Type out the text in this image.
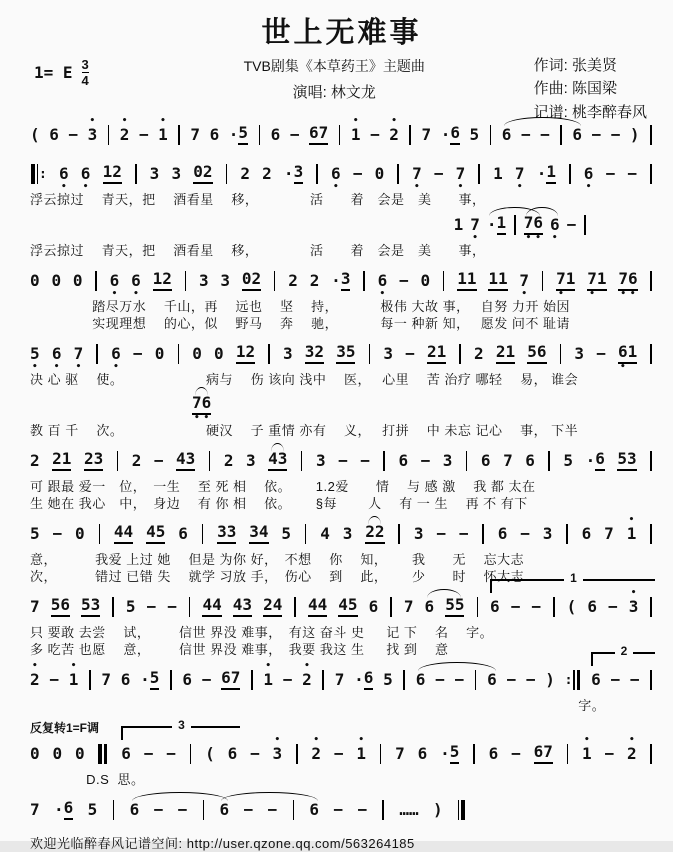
世上无难事
1= E $\frac{3}{4}$	TVB剧集《本草药王》主题曲
演唱: 林文龙
作词: 张美贤
作曲: 陈国梁
记谱: 桃李醉春风
( 6 −
•
3
•
2 −
•
1 7 6 · 5 6 − 67
•
1 −
•
2 7 · 6 5 6 − − 6 − − )
: 6
•
6
•
12 3 3 02 2 2 · 3 6
•
− 0 7
•
− 7
•
1 7
•
· 1 6
•
− −
浮云掠过　 青天，把　 酒看星　 移，　　　　 活　　着　会是　美　　事，
1 7
•
· 1 76
• •
6
•
−
浮云掠过　 青天，把　 酒看星　 移，　　　　 活　　着　会是　美　　事，
0 0 0 6
•
6
•
12 3 3 02 2 2 · 3 6
•
− 0 11 11 7
•
71
•
71
•
76
• •
　　　　  踏尽万水　 千山，再　 远也　 坚　 持，　　　  极伟 大故 事，　 自努 力开 始因
　　　　  实现理想　 的心，似　 野马　 奔　 驰，　　　  每一 种新 知，　 愿发 问不 耻请
5
•
6
•
7
•
6
•
− 0 0 0 12 3 32 35 3 − 21 2 21 56 3 − 61
•
决 心 驱　 使。　　　　　　  病与　 伤 该向 浅中　 医，　 心里　 苦 治疗 哪轻　 易， 谁会
76
• •
教 百 千　 次。　　　　　　  硬汉　 子 重情 亦有　 义，　 打拼　 中 未忘 记心　 事， 下半
2 21 23 2 − 43 2 3 43 3 − − 6 − 3 6 7 6 5 · 6 53
可 跟最 爱一　位，　一生　 至 死 相　 依。　　 1.2爱　　情　 与 感 激　 我 都 太在
生 她在 我心　中，　身边　 有 你 相　 依。　　 §每　　 人　 有 一 生　 再 不 有下
5 − 0 44 45 6 33 34 5 4 3 22 3 − − 6 − 3 6 7
•
1
意，　　　 我爱 上过 她　 但是 为你 好，　不想　 你　 知，　　 我　　无　 忘大志
次，　　　 错过 已错 失　 就学 习放 手，　伤心　 到　 此，　　 少　　时　 怀大志
7 56 53 5 − − 44 43 24 44 45 6 7 6 55 6 − − ( 6 −
•
3
1
只 要敢 去尝　 试，　　  信世 界没 难事，　有这 奋斗 史　  记 下　 名　 字。
多 吃苦 也愿　 意，　　  信世 界没 难事，　我要 我这 生　  找 到　 意
•
2 −
•
1 7 6 · 5 6 − 67
•
1 −
•
2 7 · 6 5 6 − − 6 − − ) : 6 − −
2
字。
反复转1=F调
0 0 0 6 − − ( 6 −
•
3
•
2 −
•
1 7 6 · 5 6 − 67
•
1 −
•
2
3
D.S  思。
7 · 6 5 6 − − 6 − − 6 − − …… )
欢迎光临醉春风记谱空间: http://user.qzone.qq.com/563264185
